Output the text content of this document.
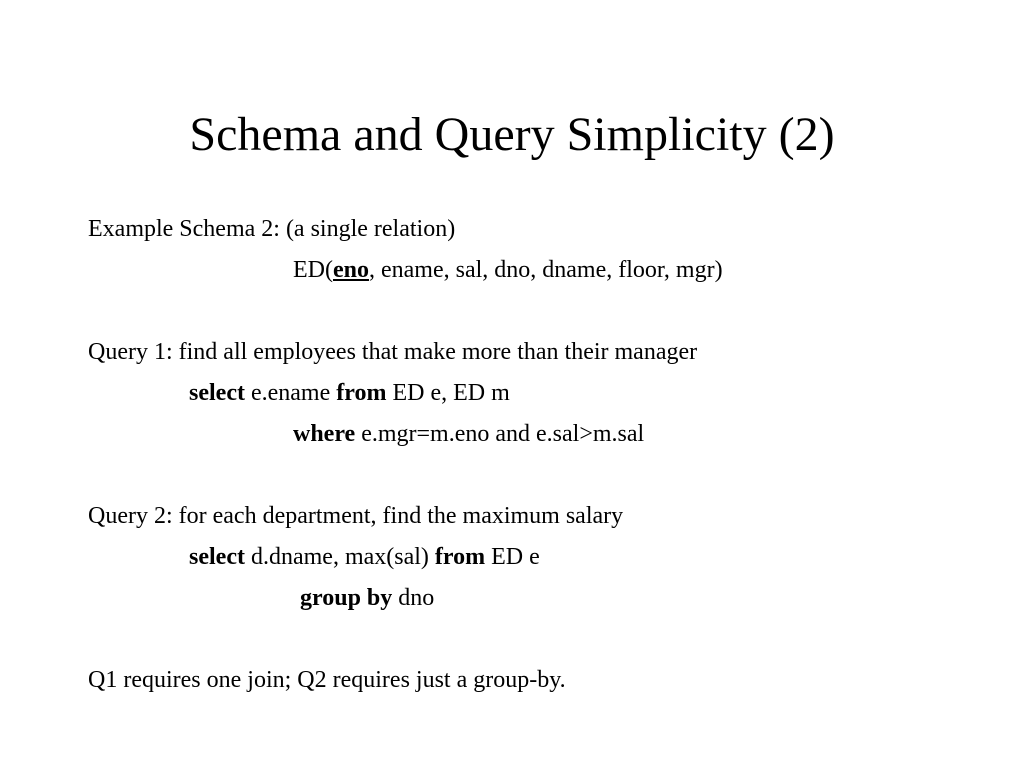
Schema and Query Simplicity (2)
Example Schema 2: (a single relation)
ED(eno, ename, sal, dno, dname, floor, mgr)
Query 1: find all employees that make more than their manager
select e.ename from ED e, ED m
where e.mgr=m.eno and e.sal>m.sal
Query 2: for each department, find the maximum salary
select d.dname, max(sal) from ED e
group by dno
Q1 requires one join; Q2 requires just a group-by.
